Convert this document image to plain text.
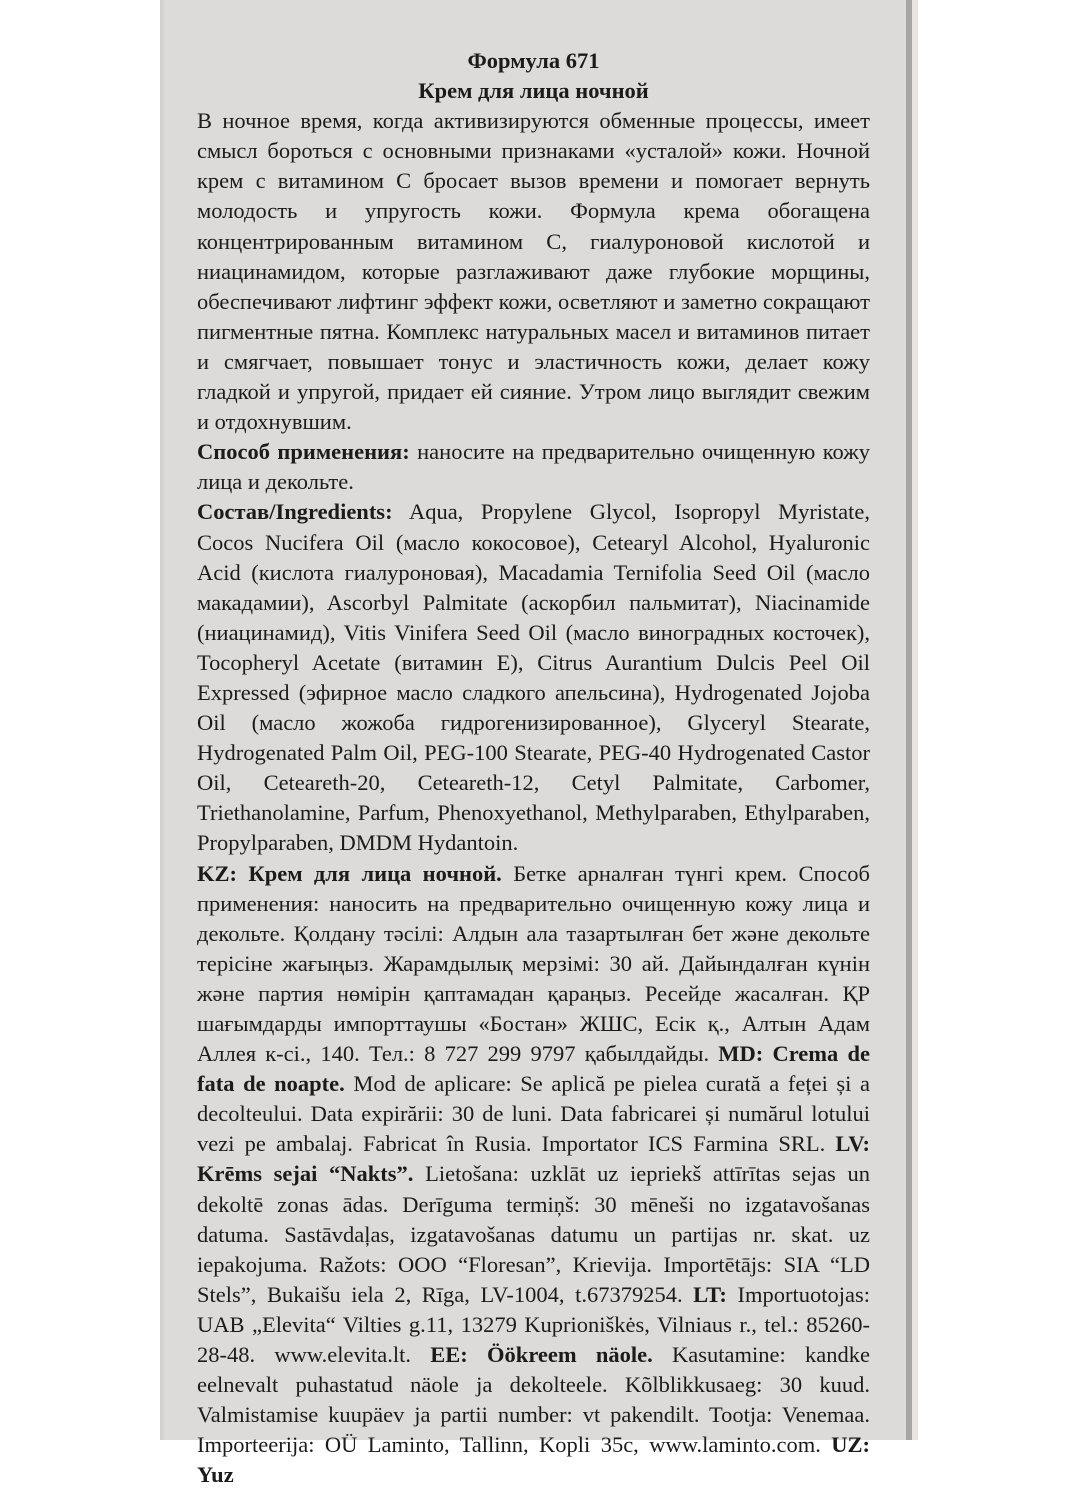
Формула 671

Крем для лица ночной

В ночное время, когда активизируются обменные процессы, имеет смысл бороться с основными признаками «усталой» кожи. Ночной крем с витамином С бросает вызов времени и помогает вернуть молодость и упругость кожи. Формула крема обогащена концентрированным витамином С, гиалуроновой кислотой и ниацинамидом, которые разглаживают даже глубокие морщины, обеспечивают лифтинг эффект кожи, осветляют и заметно сокращают пигментные пятна. Комплекс натуральных масел и витаминов питает и смягчает, повышает тонус и эластичность кожи, делает кожу гладкой и упругой, придает ей сияние. Утром лицо выглядит свежим и отдохнувшим.

Способ применения: наносите на предварительно очищенную кожу лица и декольте.

Состав/Ingredients: Aqua, Propylene Glycol, Isopropyl Myristate, Cocos Nucifera Oil (масло кокосовое), Cetearyl Alcohol, Hyaluronic Acid (кислота гиалуроновая), Macadamia Ternifolia Seed Oil (масло макадамии), Ascorbyl Palmitate (аскорбил пальмитат), Niacinamide (ниацинамид), Vitis Vinifera Seed Oil (масло виноградных косточек), Tocopheryl Acetate (витамин E), Citrus Aurantium Dulcis Peel Oil Expressed (эфирное масло сладкого апельсина), Hydrogenated Jojoba Oil (масло жожоба гидрогенизированное), Glyceryl Stearate, Hydrogenated Palm Oil, PEG-100 Stearate, PEG-40 Hydrogenated Castor Oil, Ceteareth-20, Ceteareth-12, Cetyl Palmitate, Carbomer, Triethanolamine, Parfum, Phenoxyethanol, Methylparaben, Ethylparaben, Propylparaben, DMDM Hydantoin.

KZ: Крем для лица ночной. Бетке арналған түнгі крем. Способ применения: наносить на предварительно очищенную кожу лица и декольте. Қолдану тәсілі: Алдын ала тазартылған бет және декольте терісіне жағыңыз. Жарамдылық мерзімі: 30 ай. Дайындалған күнін және партия нөмірін қаптамадан қараңыз. Ресейде жасалған. ҚР шағымдарды импорттаушы «Бостан» ЖШС, Есік қ., Алтын Адам Аллея к-сі., 140. Тел.: 8 727 299 9797 қабылдайды. MD: Crema de fata de noapte. Mod de aplicare: Se aplică pe pielea curată a feței și a decolteului. Data expirării: 30 de luni. Data fabricarei și numărul lotului vezi pe ambalaj. Fabricat în Rusia. Importator ICS Farmina SRL. LV: Krēms sejai “Nakts”. Lietošana: uzklāt uz iepriekš attīrītas sejas un dekoltē zonas ādas. Derīguma termiņš: 30 mēneši no izgatavošanas datuma. Sastāvdaļas, izgatavošanas datumu un partijas nr. skat. uz iepakojuma. Ražots: OOO “Floresan”, Krievija. Importētājs: SIA “LD Stels”, Bukaišu iela 2, Rīga, LV-1004, t.67379254. LT: Importuotojas: UAB „Elevita“ Vilties g.11, 13279 Kuprioniškės, Vilniaus r., tel.: 85260-28-48. www.elevita.lt. EE: Öökreem näole. Kasutamine: kandke eelnevalt puhastatud näole ja dekolteele. Kõlblikkusaeg: 30 kuud. Valmistamise kuupäev ja partii number: vt pakendilt. Tootja: Venemaa. Importeerija: OÜ Laminto, Tallinn, Kopli 35c, www.laminto.com. UZ: Yuz
